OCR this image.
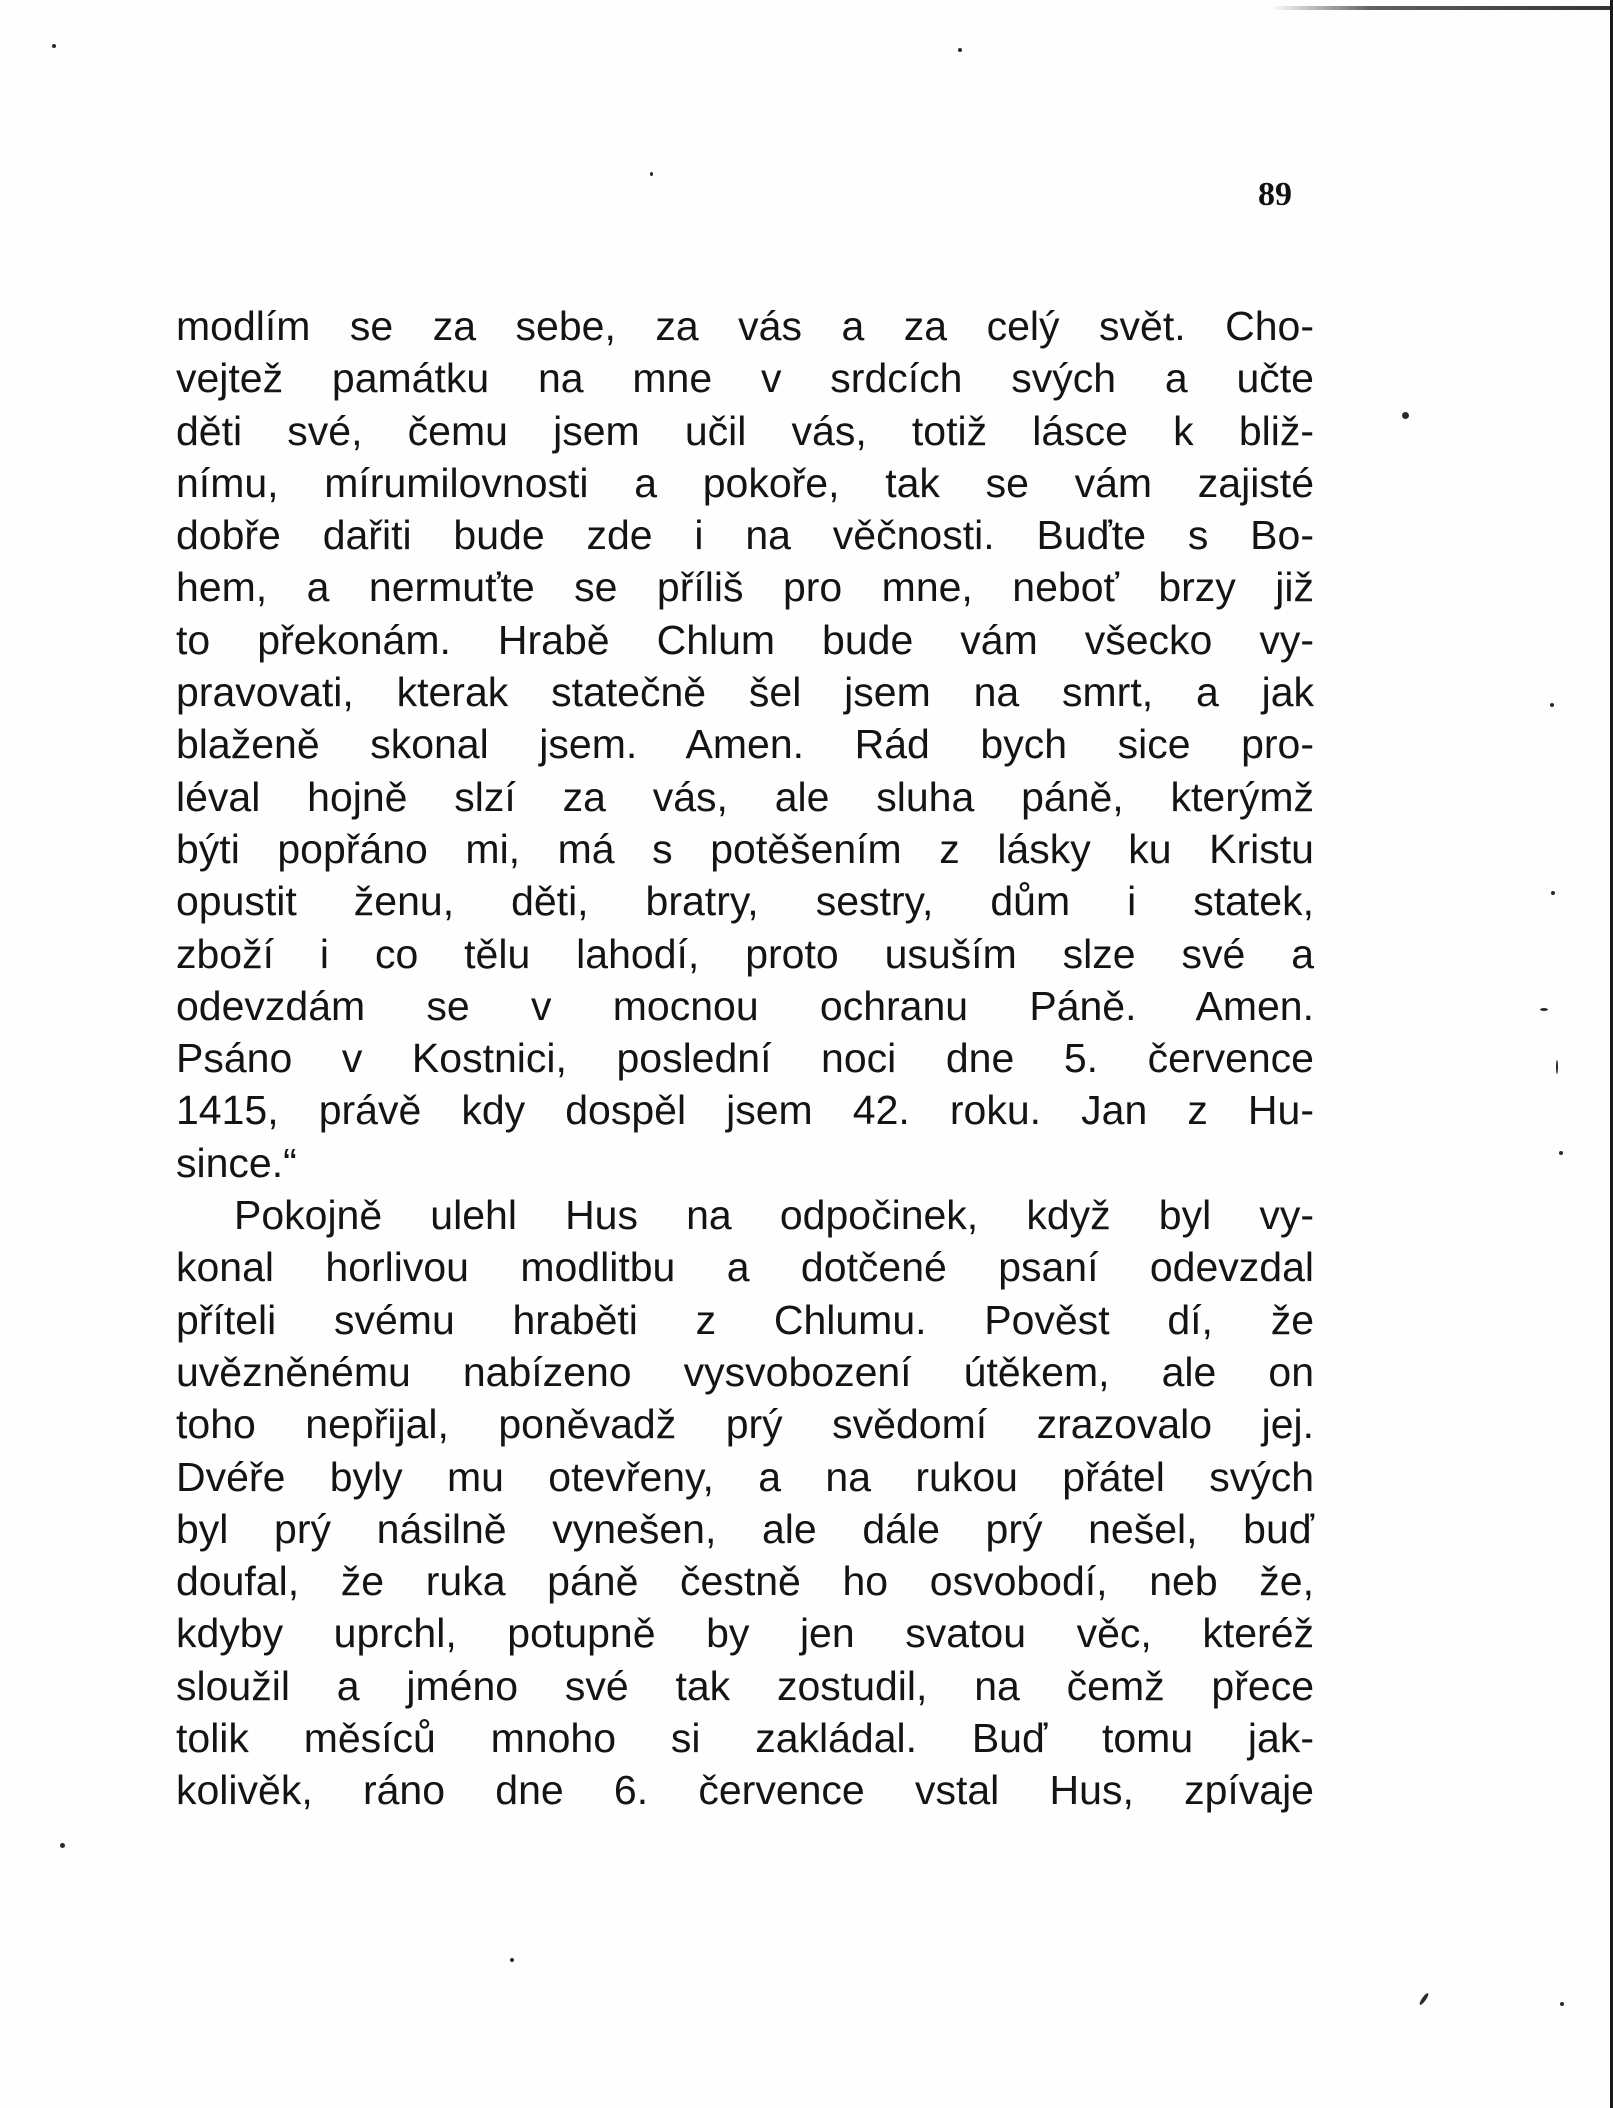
89
modlím se za sebe, za vás a za celý svět. Cho-
vejtež památku na mne v srdcích svých a učte
děti své, čemu jsem učil vás, totiž lásce k bliž-
nímu, mírumilovnosti a pokoře, tak se vám zajisté
dobře dařiti bude zde i na věčnosti. Buďte s Bo-
hem, a nermuťte se příliš pro mne, neboť brzy již
to překonám. Hrabě Chlum bude vám všecko vy-
pravovati, kterak statečně šel jsem na smrt, a jak
blaženě skonal jsem. Amen. Rád bych sice pro-
léval hojně slzí za vás, ale sluha páně, kterýmž
býti popřáno mi, má s potěšením z lásky ku Kristu
opustit ženu, děti, bratry, sestry, dům i statek,
zboží i co tělu lahodí, proto usuším slze své a
odevzdám se v mocnou ochranu Páně. Amen.
Psáno v Kostnici, poslední noci dne 5. července
1415, právě kdy dospěl jsem 42. roku. Jan z Hu-
since.“
Pokojně ulehl Hus na odpočinek, když byl vy-
konal horlivou modlitbu a dotčené psaní odevzdal
příteli svému hraběti z Chlumu. Pověst dí, že
uvězněnému nabízeno vysvobození útěkem, ale on
toho nepřijal, poněvadž prý svědomí zrazovalo jej.
Dvéře byly mu otevřeny, a na rukou přátel svých
byl prý násilně vynešen, ale dále prý nešel, buď
doufal, že ruka páně čestně ho osvobodí, neb že,
kdyby uprchl, potupně by jen svatou věc, kteréž
sloužil a jméno své tak zostudil, na čemž přece
tolik měsíců mnoho si zakládal. Buď tomu jak-
kolivěk, ráno dne 6. července vstal Hus, zpívaje
